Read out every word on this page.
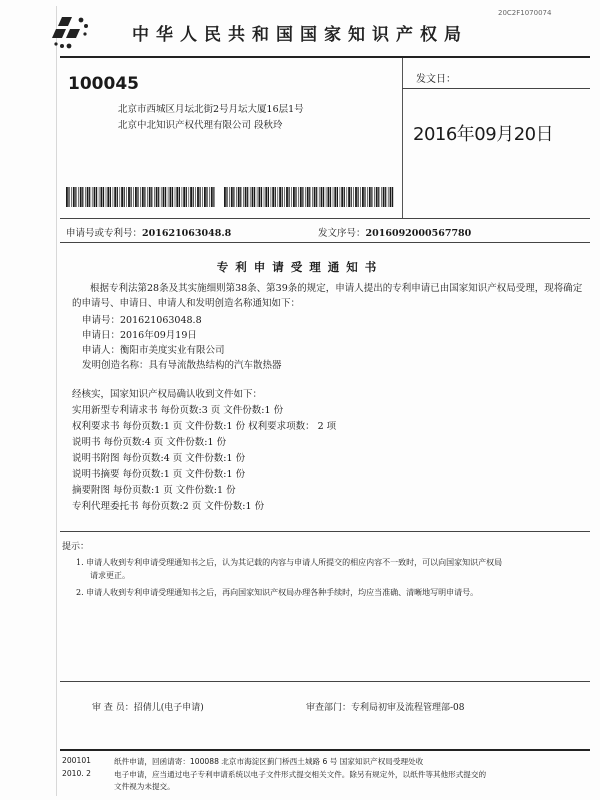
20C2F1070074
中华人民共和国国家知识产权局
100045
北京市西城区月坛北街2号月坛大厦16层1号
北京中北知识产权代理有限公司 段秋玲
发文日：
2016年09月20日
申请号或专利号：201621063048.8	发文序号：2016092000567780
专利申请受理通知书
根据专利法第28条及其实施细则第38条、第39条的规定，申请人提出的专利申请已由国家知识产权局受理，现将确定的申请号、申请日、申请人和发明创造名称通知如下：
申请号：201621063048.8
申请日：2016年09月19日
申请人：衡阳市美度实业有限公司
发明创造名称：具有导流散热结构的汽车散热器
经核实，国家知识产权局确认收到文件如下：
实用新型专利请求书 每份页数:3 页 文件份数:1 份
权利要求书 每份页数:1 页 文件份数:1 份 权利要求项数： 2 项
说明书 每份页数:4 页 文件份数:1 份
说明书附图 每份页数:4 页 文件份数:1 份
说明书摘要 每份页数:1 页 文件份数:1 份
摘要附图 每份页数:1 页 文件份数:1 份
专利代理委托书 每份页数:2 页 文件份数:1 份
提示：
1. 申请人收到专利申请受理通知书之后，认为其记载的内容与申请人所提交的相应内容不一致时，可以向国家知识产权局
请求更正。
2. 申请人收到专利申请受理通知书之后，再向国家知识产权局办理各种手续时，均应当准确、清晰地写明申请号。
审 查 员：招倩儿(电子申请)	审查部门：专利局初审及流程管理部-08
200101
2010. 2
纸件申请，回函请寄：100088 北京市海淀区蓟门桥西土城路 6 号 国家知识产权局受理处收
电子申请，应当通过电子专利申请系统以电子文件形式提交相关文件。除另有规定外，以纸件等其他形式提交的
文件视为未提交。
